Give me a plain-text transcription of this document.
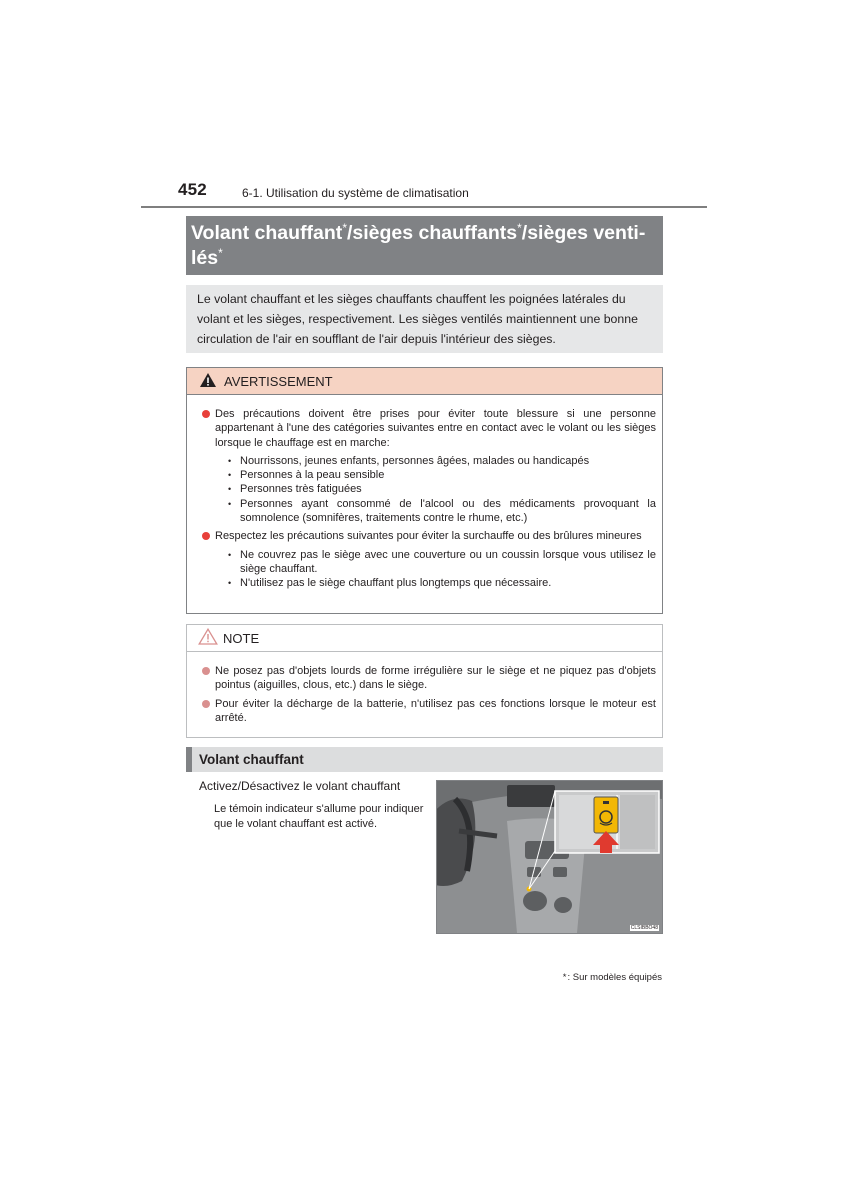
452	6-1. Utilisation du système de climatisation
Volant chauffant*/sièges chauffants*/sièges venti-
lés*
Le volant chauffant et les sièges chauffants chauffent les poignées latérales du volant et les sièges, respectivement. Les sièges ventilés maintiennent une bonne circulation de l'air en soufflant de l'air depuis l'intérieur des sièges.
AVERTISSEMENT
Des précautions doivent être prises pour éviter toute blessure si une personne appartenant à l'une des catégories suivantes entre en contact avec le volant ou les sièges lorsque le chauffage est en marche:
• Nourrissons, jeunes enfants, personnes âgées, malades ou handicapés
• Personnes à la peau sensible
• Personnes très fatiguées
• Personnes ayant consommé de l'alcool ou des médicaments provoquant la somnolence (somnifères, traitements contre le rhume, etc.)
Respectez les précautions suivantes pour éviter la surchauffe ou des brûlures mineures
• Ne couvrez pas le siège avec une couverture ou un coussin lorsque vous utilisez le siège chauffant.
• N'utilisez pas le siège chauffant plus longtemps que nécessaire.
NOTE
Ne posez pas d'objets lourds de forme irrégulière sur le siège et ne piquez pas d'objets pointus (aiguilles, clous, etc.) dans le siège.
Pour éviter la décharge de la batterie, n'utilisez pas ces fonctions lorsque le moteur est arrêté.
Volant chauffant
Activez/Désactivez le volant chauffant
Le témoin indicateur s'allume pour indiquer que le volant chauffant est activé.
CLSIBBO48
*: Sur modèles équipés
